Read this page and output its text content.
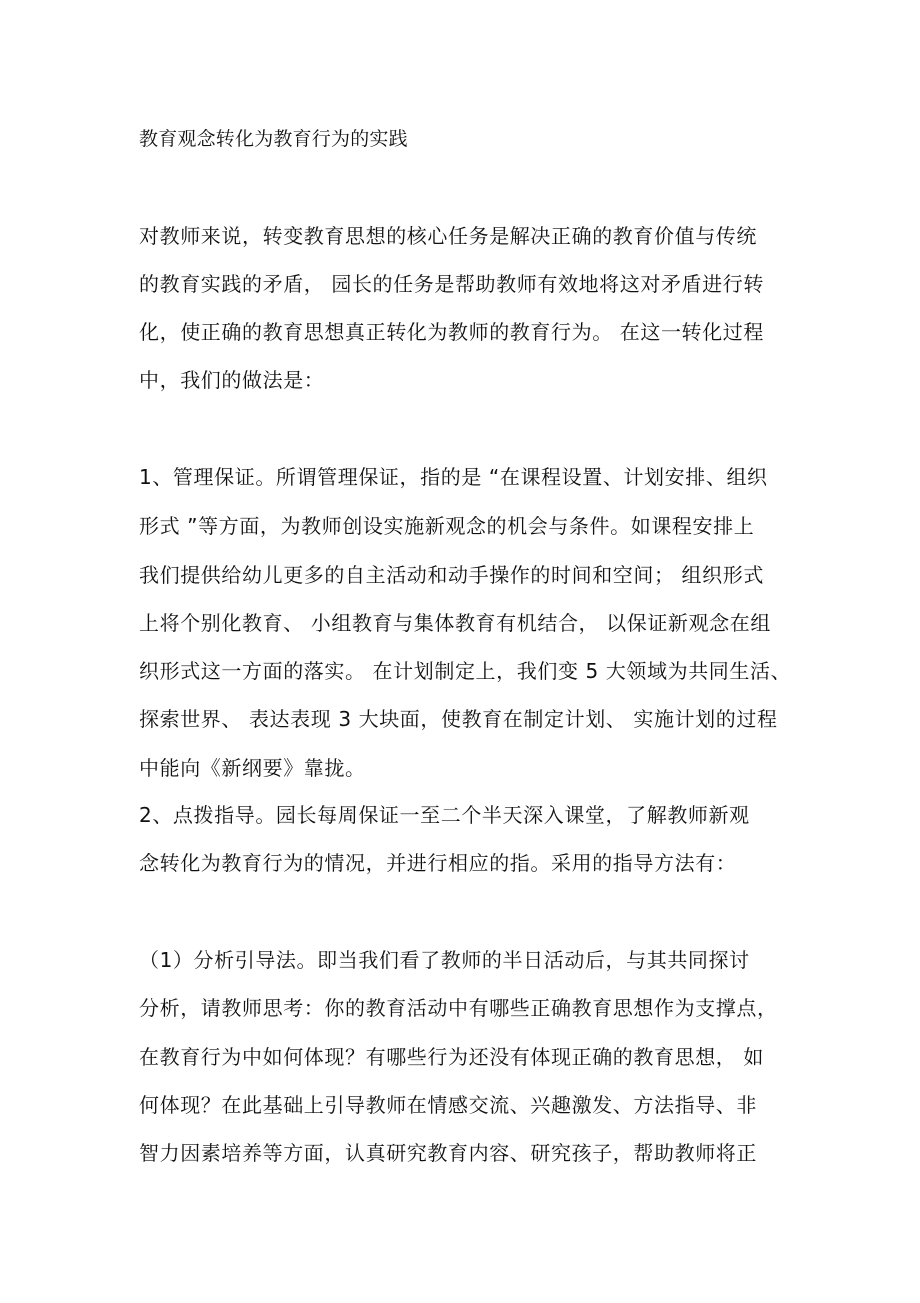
教育观念转化为教育行为的实践
对教师来说，转变教育思想的核心任务是解决正确的教育价值与传统
的教育实践的矛盾， 园长的任务是帮助教师有效地将这对矛盾进行转
化，使正确的教育思想真正转化为教师的教育行为。 在这一转化过程
中，我们的做法是：
1、管理保证。所谓管理保证，指的是 “在课程设置、计划安排、组织
形式 ”等方面，为教师创设实施新观念的机会与条件。如课程安排上
我们提供给幼儿更多的自主活动和动手操作的时间和空间； 组织形式
上将个别化教育、 小组教育与集体教育有机结合， 以保证新观念在组
织形式这一方面的落实。 在计划制定上，我们变 5 大领域为共同生活、
探索世界、 表达表现 3 大块面，使教育在制定计划、 实施计划的过程
中能向《新纲要》靠拢。
2、点拨指导。园长每周保证一至二个半天深入课堂，了解教师新观
念转化为教育行为的情况，并进行相应的指。采用的指导方法有：
（1）分析引导法。即当我们看了教师的半日活动后，与其共同探讨
分析，请教师思考：你的教育活动中有哪些正确教育思想作为支撑点，
在教育行为中如何体现？有哪些行为还没有体现正确的教育思想， 如
何体现？在此基础上引导教师在情感交流、兴趣激发、方法指导、非
智力因素培养等方面，认真研究教育内容、研究孩子，帮助教师将正
